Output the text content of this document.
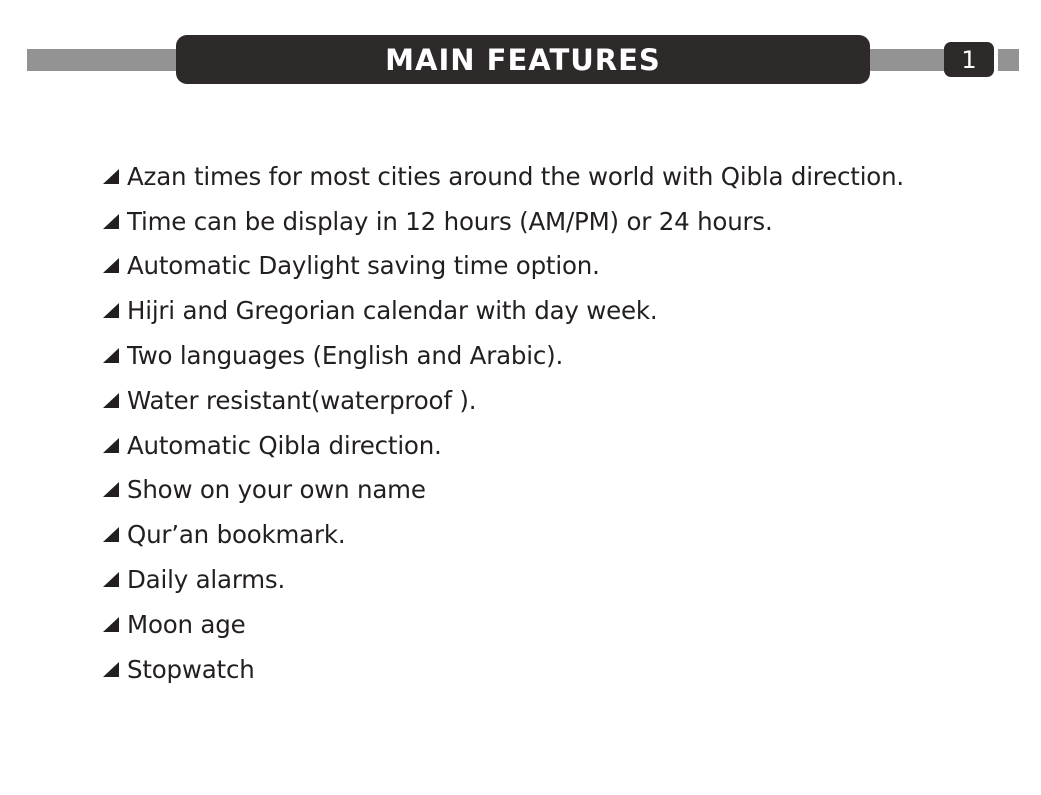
MAIN FEATURES	1
Azan times for most cities around the world with Qibla direction.
Time can be display in 12 hours (AM/PM) or 24 hours.
Automatic Daylight saving time option.
Hijri and Gregorian calendar with day week.
Two languages (English and Arabic).
Water resistant(waterproof ).
Automatic Qibla direction.
Show on your own name
Qur’an bookmark.
Daily alarms.
Moon age
Stopwatch
